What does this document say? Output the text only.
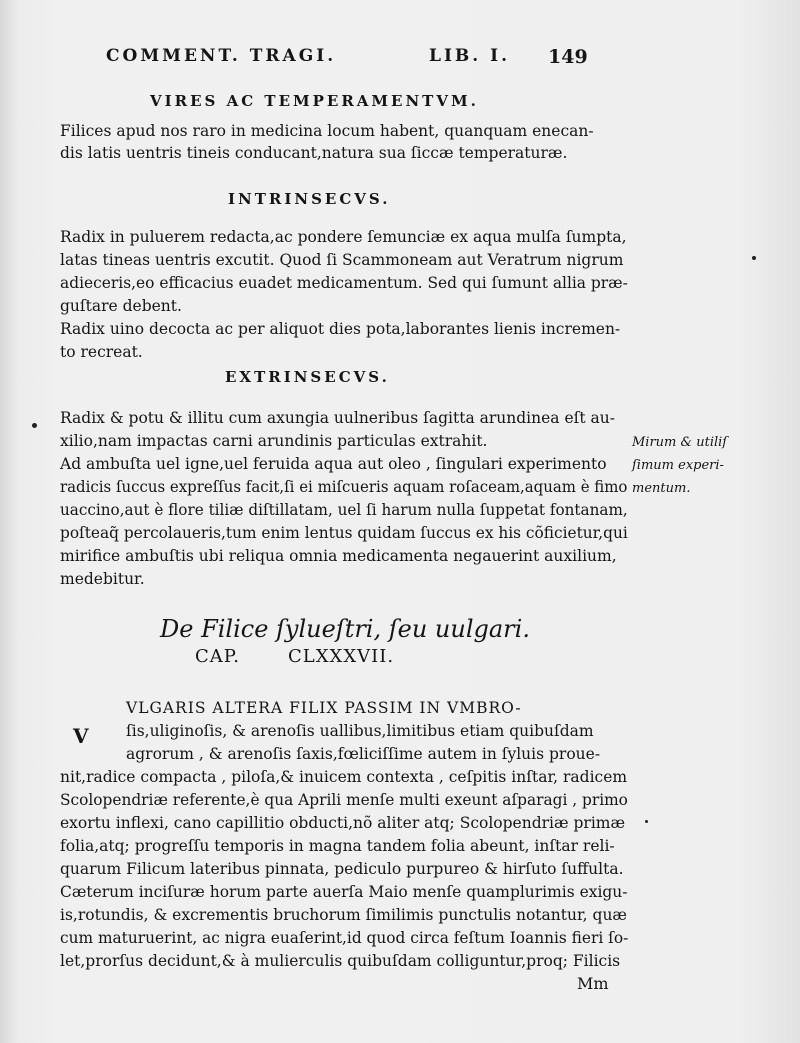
COMMENT. TRAGI.	LIB. I. 149
VIRES AC TEMPERAMENTVM.
Filices apud nos raro in medicina locum habent, quanquam enecan-
dis latis uentris tineis conducant,natura sua ſiccæ temperaturæ.
INTRINSECVS.
Radix in puluerem redacta,ac pondere ſemunciæ ex aqua mulſa ſumpta,
latas tineas uentris excutit. Quod ſi Scammoneam aut Veratrum nigrum
adieceris,eo efficacius euadet medicamentum. Sed qui ſumunt allia præ-
guſtare debent.
Radix uino decocta ac per aliquot dies pota,laborantes lienis incremen-
to recreat.
EXTRINSECVS.
Radix & potu & illitu cum axungia uulneribus ſagitta arundinea eſt au-
xilio,nam impactas carni arundinis particulas extrahit.
Ad ambuſta uel igne,uel feruida aqua aut oleo , ſingulari experimento
radicis ſuccus expreſſus facit,ſi ei miſcueris aquam roſaceam,aquam è fimo
uaccino,aut è flore tiliæ diſtillatam, uel ſi harum nulla ſuppetat fontanam,
poſteaq̃ percolaueris,tum enim lentus quidam ſuccus ex his cõficietur,qui
mirifice ambuſtis ubi reliqua omnia medicamenta negauerint auxilium,
medebitur.
Mirum & utiliſ
ſimum experi-
mentum.
De Filice ſylueſtri, ſeu uulgari.
CAP.	CLXXXVII.
V
VLGARIS ALTERA FILIX PASSIM IN VMBRO-
ſis,uliginoſis, & arenoſis uallibus,limitibus etiam quibuſdam
agrorum , & arenoſis ſaxis,fœliciſſime autem in ſyluis proue-
nit,radice compacta , piloſa,& inuicem contexta , ceſpitis inſtar, radicem
Scolopendriæ referente,è qua Aprili menſe multi exeunt aſparagi , primo
exortu inflexi, cano capillitio obducti,nõ aliter atq; Scolopendriæ primæ
folia,atq; progreſſu temporis in magna tandem folia abeunt, inſtar reli-
quarum Filicum lateribus pinnata, pediculo purpureo & hirſuto ſuffulta.
Cæterum inciſuræ horum parte auerſa Maio menſe quamplurimis exigu-
is,rotundis, & excrementis bruchorum ſimilimis punctulis notantur, quæ
cum maturuerint, ac nigra euaſerint,id quod circa feſtum Ioannis fieri ſo-
let,prorſus decidunt,& à mulierculis quibuſdam colliguntur,proq; Filicis
Mm
